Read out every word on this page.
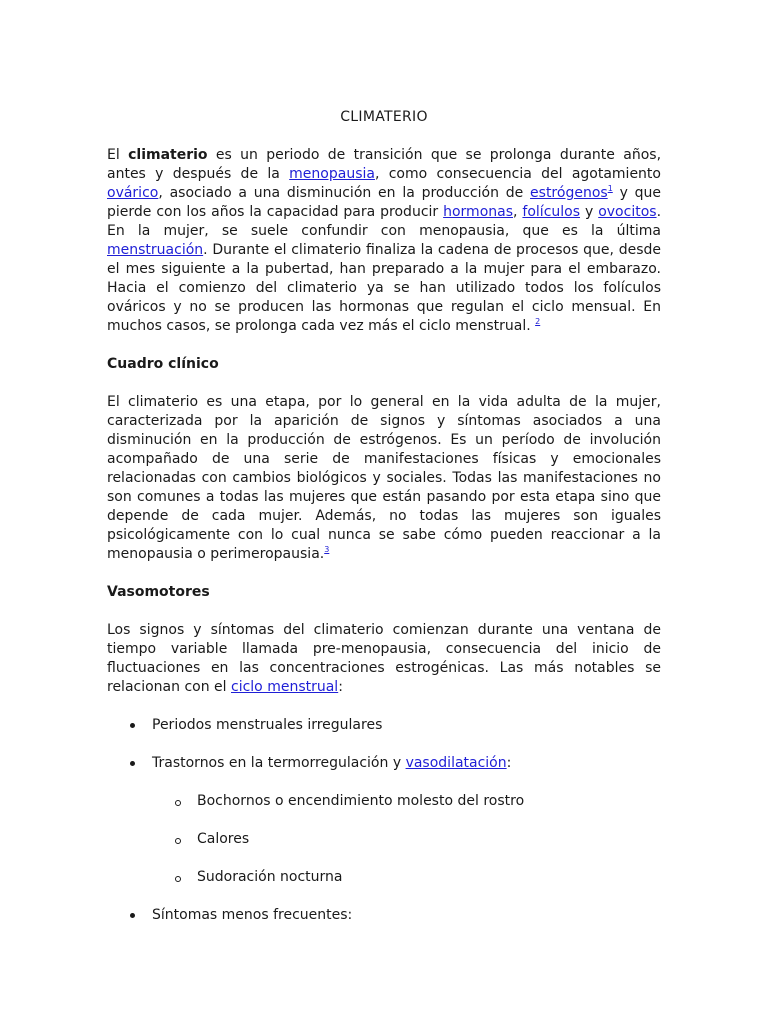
CLIMATERIO

El climaterio es un periodo de transición que se prolonga durante años, antes y después de la menopausia, como consecuencia del agotamiento ovárico, asociado a una disminución en la producción de estrógenos$^1$ y que pierde con los años la capacidad para producir hormonas, folículos y ovocitos. En la mujer, se suele confundir con menopausia, que es la última menstruación. Durante el climaterio finaliza la cadena de procesos que, desde el mes siguiente a la pubertad, han preparado a la mujer para el embarazo. Hacia el comienzo del climaterio ya se han utilizado todos los folículos ováricos y no se producen las hormonas que regulan el ciclo mensual. En muchos casos, se prolonga cada vez más el ciclo menstrual. $^2$

Cuadro clínico

El climaterio es una etapa, por lo general en la vida adulta de la mujer, caracterizada por la aparición de signos y síntomas asociados a una disminución en la producción de estrógenos. Es un período de involución acompañado de una serie de manifestaciones físicas y emocionales relacionadas con cambios biológicos y sociales. Todas las manifestaciones no son comunes a todas las mujeres que están pasando por esta etapa sino que depende de cada mujer. Además, no todas las mujeres son iguales psicológicamente con lo cual nunca se sabe cómo pueden reaccionar a la menopausia o perimeropausia.$^3$

Vasomotores

Los signos y síntomas del climaterio comienzan durante una ventana de tiempo variable llamada pre-menopausia, consecuencia del inicio de fluctuaciones en las concentraciones estrogénicas. Las más notables se relacionan con el ciclo menstrual:

Periodos menstruales irregulares
Trastornos en la termorregulación y vasodilatación:
Bochornos o encendimiento molesto del rostro
Calores
Sudoración nocturna
Síntomas menos frecuentes:
